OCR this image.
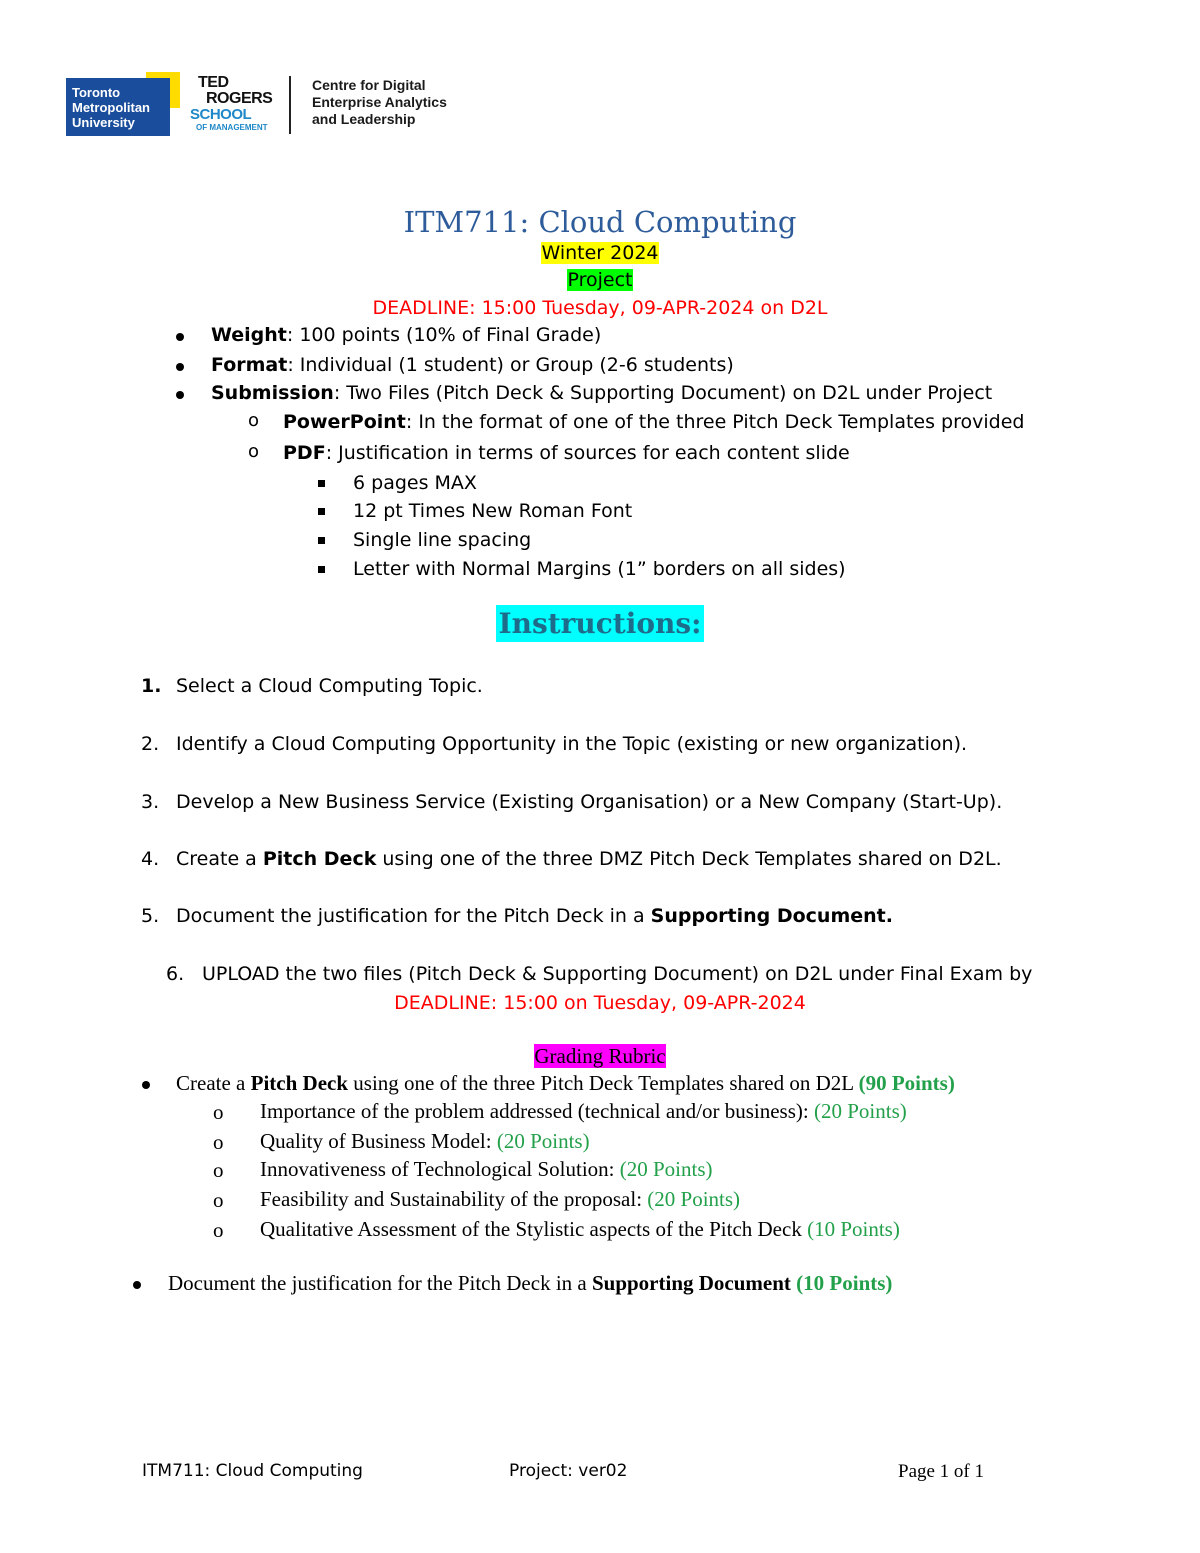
Toronto
Metropolitan
University
TED
ROGERS
SCHOOL
OF MANAGEMENT
Centre for Digital
Enterprise Analytics
and Leadership
ITM711: Cloud Computing
Winter 2024
Project
DEADLINE: 15:00 Tuesday, 09-APR-2024 on D2L
Weight: 100 points (10% of Final Grade)
Format: Individual (1 student) or Group (2-6 students)
Submission: Two Files (Pitch Deck & Supporting Document) on D2L under Project
o PowerPoint: In the format of one of the three Pitch Deck Templates provided
o PDF: Justification in terms of sources for each content slide
6 pages MAX
12 pt Times New Roman Font
Single line spacing
Letter with Normal Margins (1” borders on all sides)
Instructions:
1. Select a Cloud Computing Topic.
2. Identify a Cloud Computing Opportunity in the Topic (existing or new organization).
3. Develop a New Business Service (Existing Organisation) or a New Company (Start-Up).
4. Create a Pitch Deck using one of the three DMZ Pitch Deck Templates shared on D2L.
5. Document the justification for the Pitch Deck in a Supporting Document.
6. UPLOAD the two files (Pitch Deck & Supporting Document) on D2L under Final Exam by
DEADLINE: 15:00 on Tuesday, 09-APR-2024
Grading Rubric
Create a Pitch Deck using one of the three Pitch Deck Templates shared on D2L (90 Points)
o Importance of the problem addressed (technical and/or business): (20 Points)
o Quality of Business Model: (20 Points)
o Innovativeness of Technological Solution: (20 Points)
o Feasibility and Sustainability of the proposal: (20 Points)
o Qualitative Assessment of the Stylistic aspects of the Pitch Deck (10 Points)
Document the justification for the Pitch Deck in a Supporting Document (10 Points)
ITM711: Cloud Computing	Project: ver02	Page 1 of 1
